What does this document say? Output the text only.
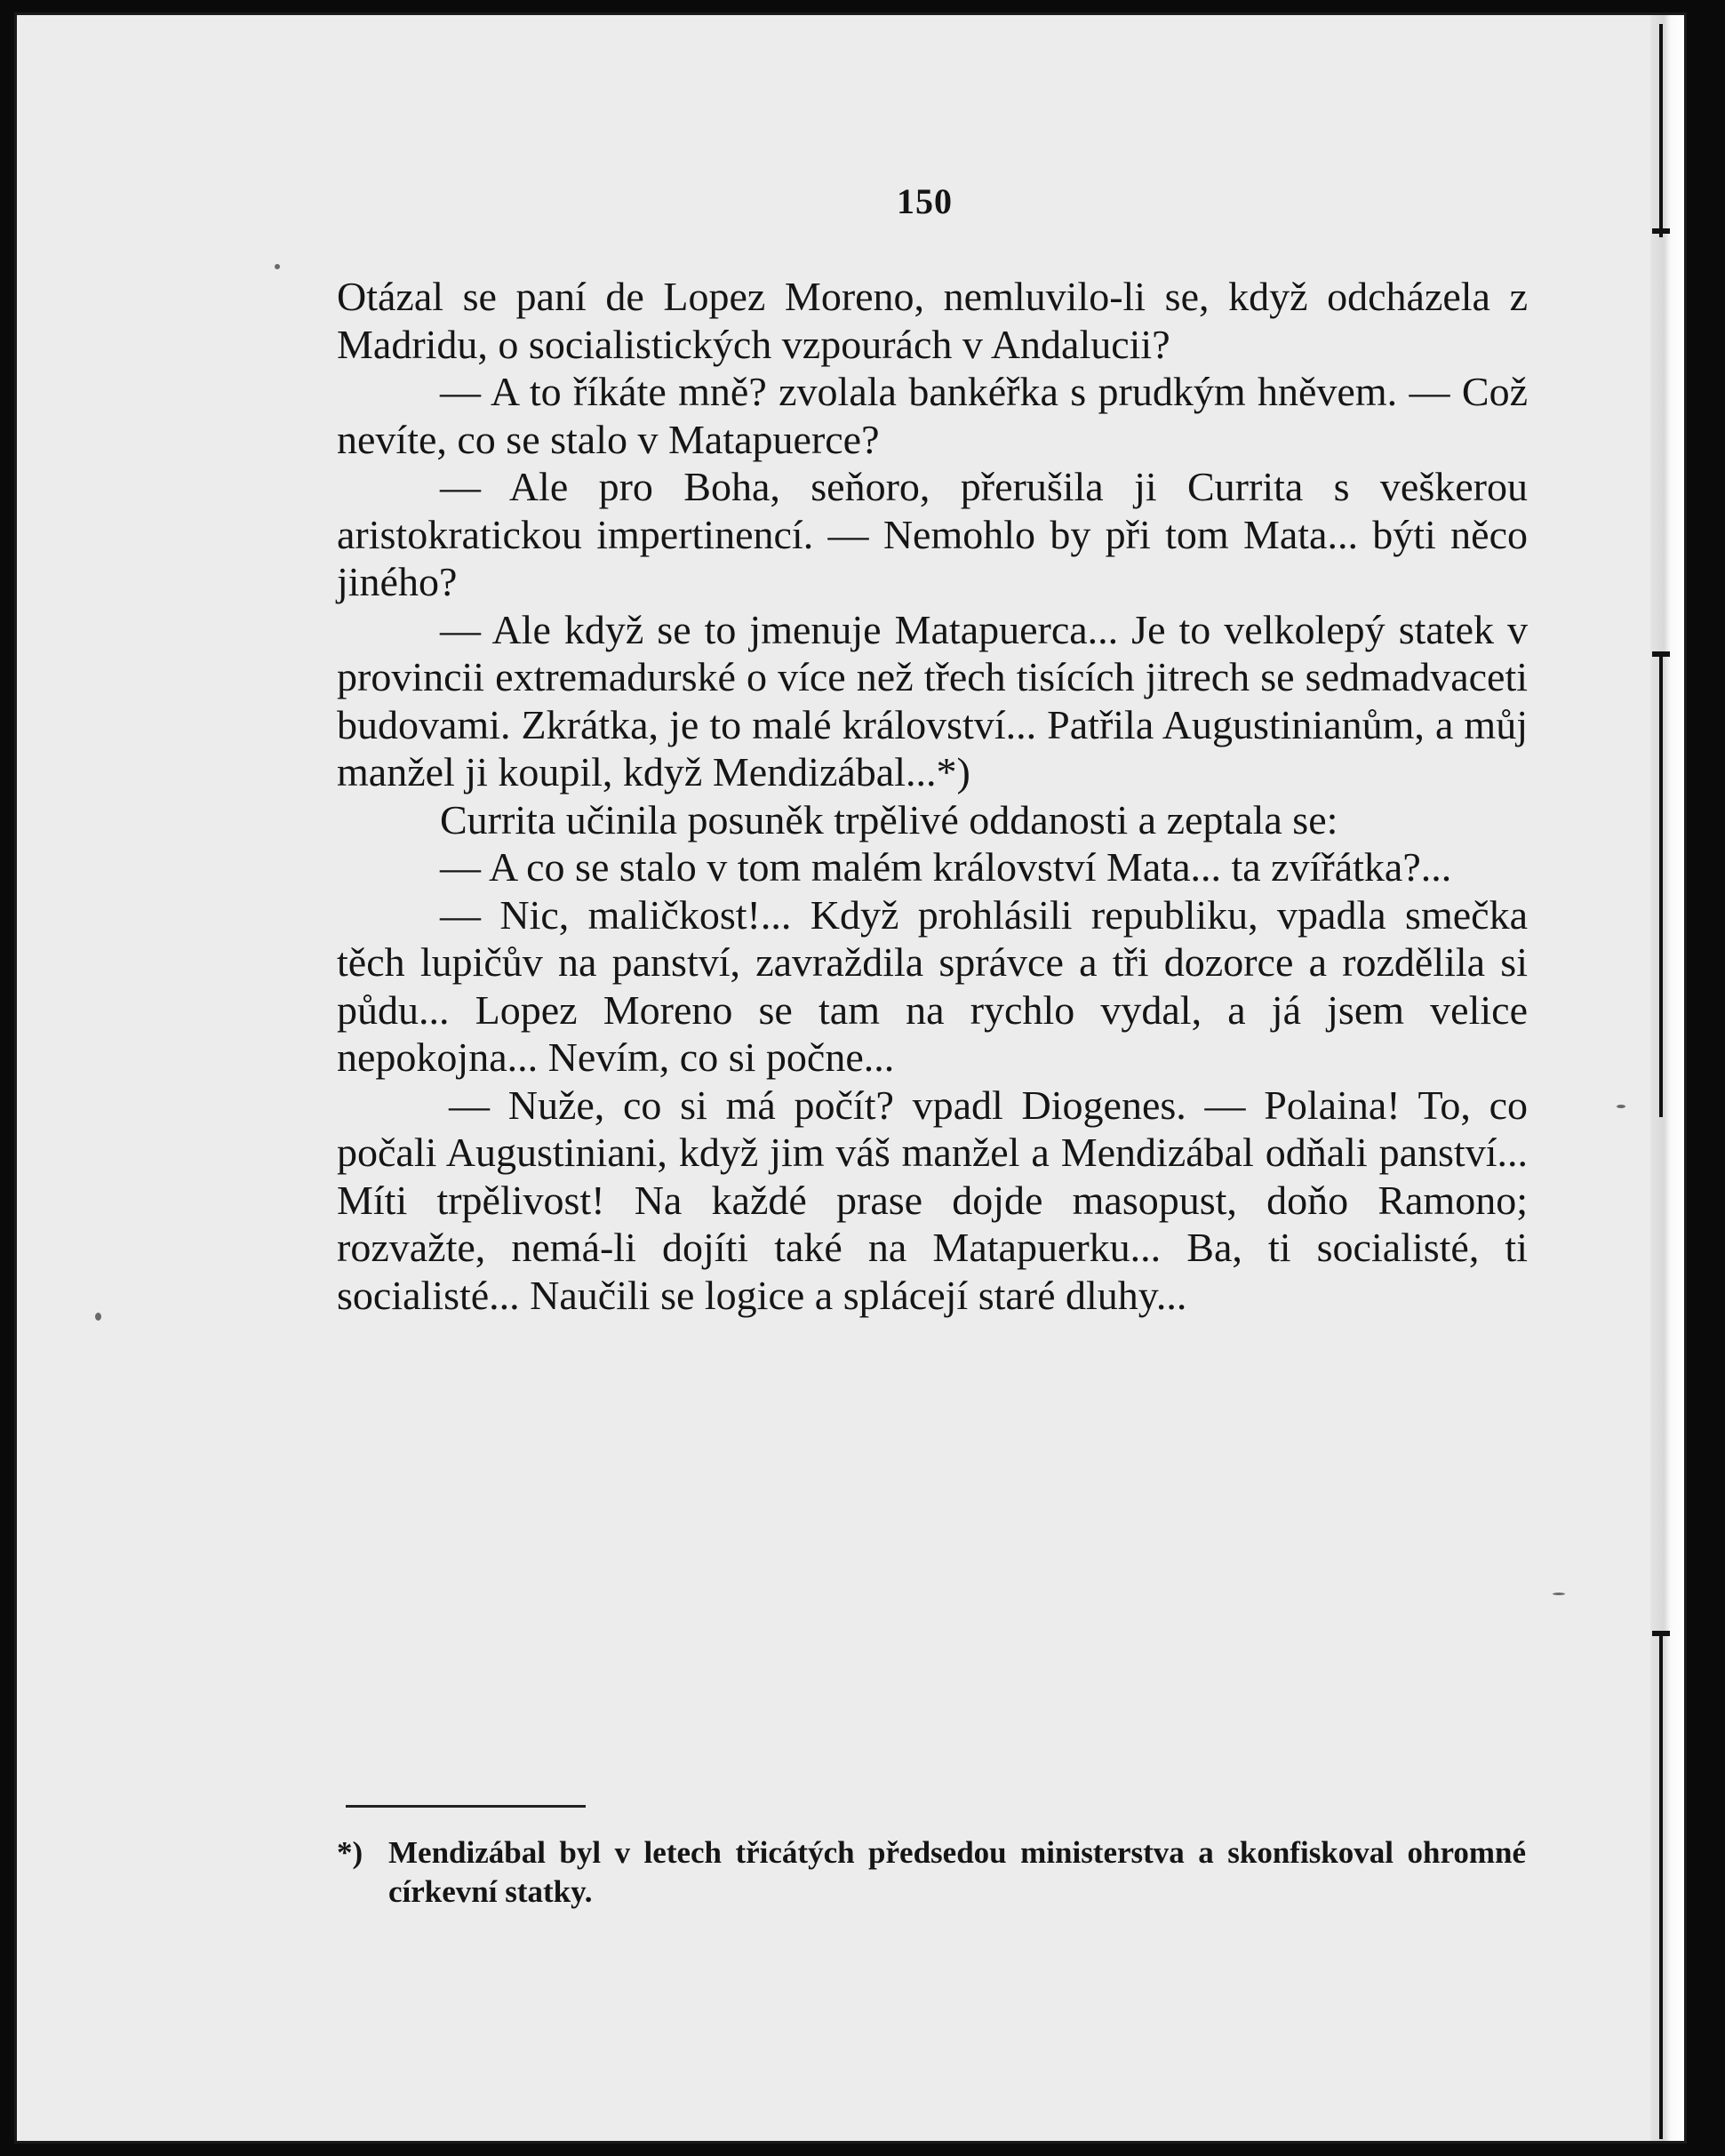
150

Otázal se paní de Lopez Moreno, nemluvilo-li se, když odcházela z Madridu, o socialistických vzpourách v Andalucii?

— A to říkáte mně? zvolala bankéřka s prudkým hněvem. — Což nevíte, co se stalo v Matapuerce?

— Ale pro Boha, seňoro, přerušila ji Currita s veškerou aristokratickou impertinencí. — Nemohlo by při tom Mata... býti něco jiného?

— Ale když se to jmenuje Matapuerca... Je to velkolepý statek v provincii extremadurské o více než třech tisících jitrech se sedmadvaceti budovami. Zkrátka, je to malé království... Patřila Augustinianům, a můj manžel ji koupil, když Mendizábal...*)

Currita učinila posuněk trpělivé oddanosti a zeptala se:

— A co se stalo v tom malém království Mata... ta zvířátka?...

— Nic, maličkost!... Když prohlásili republiku, vpadla smečka těch lupičův na panství, zavraždila správce a tři dozorce a rozdělila si půdu... Lopez Moreno se tam na rychlo vydal, a já jsem velice nepokojna... Nevím, co si počne...

— Nuže, co si má počít? vpadl Diogenes. — Polaina! To, co počali Augustiniani, když jim váš manžel a Mendizábal odňali panství... Míti trpělivost! Na každé prase dojde masopust, doňo Ramono; rozvažte, nemá-li dojíti také na Matapuerku... Ba, ti socialisté, ti socialisté... Naučili se logice a splácejí staré dluhy...

*) Mendizábal byl v letech třicátých předsedou ministerstva a skonfiskoval ohromné církevní statky.
